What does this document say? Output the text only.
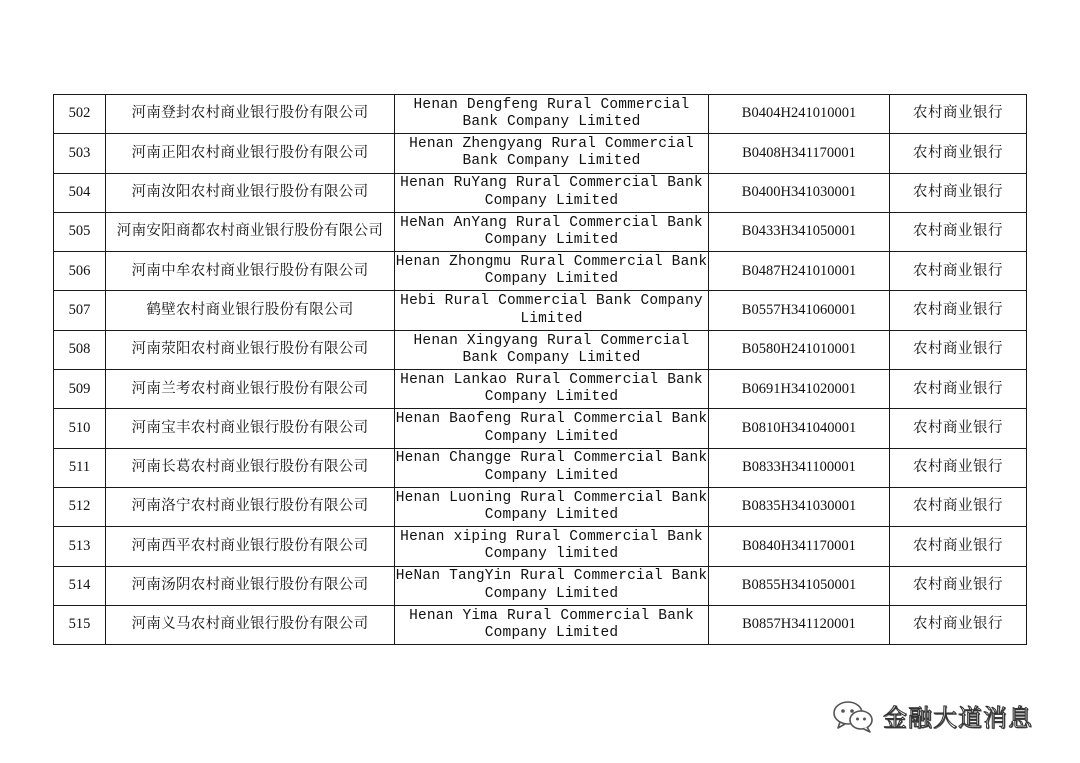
502	河南登封农村商业银行股份有限公司	Henan Dengfeng Rural Commercial Bank Company Limited	B0404H241010001	农村商业银行
503	河南正阳农村商业银行股份有限公司	Henan Zhengyang Rural Commercial Bank Company Limited	B0408H341170001	农村商业银行
504	河南汝阳农村商业银行股份有限公司	Henan RuYang Rural Commercial Bank Company Limited	B0400H341030001	农村商业银行
505	河南安阳商都农村商业银行股份有限公司	HeNan AnYang Rural Commercial Bank Company Limited	B0433H341050001	农村商业银行
506	河南中牟农村商业银行股份有限公司	Henan Zhongmu Rural Commercial Bank Company Limited	B0487H241010001	农村商业银行
507	鹤壁农村商业银行股份有限公司	Hebi Rural Commercial Bank Company Limited	B0557H341060001	农村商业银行
508	河南荥阳农村商业银行股份有限公司	Henan Xingyang Rural Commercial Bank Company Limited	B0580H241010001	农村商业银行
509	河南兰考农村商业银行股份有限公司	Henan Lankao Rural Commercial Bank Company Limited	B0691H341020001	农村商业银行
510	河南宝丰农村商业银行股份有限公司	Henan Baofeng Rural Commercial Bank Company Limited	B0810H341040001	农村商业银行
511	河南长葛农村商业银行股份有限公司	Henan Changge Rural Commercial Bank Company Limited	B0833H341100001	农村商业银行
512	河南洛宁农村商业银行股份有限公司	Henan Luoning Rural Commercial Bank Company Limited	B0835H341030001	农村商业银行
513	河南西平农村商业银行股份有限公司	Henan xiping Rural Commercial Bank Company limited	B0840H341170001	农村商业银行
514	河南汤阴农村商业银行股份有限公司	HeNan TangYin Rural Commercial Bank Company Limited	B0855H341050001	农村商业银行
515	河南义马农村商业银行股份有限公司	Henan Yima Rural Commercial Bank Company Limited	B0857H341120001	农村商业银行
金融大道消息
